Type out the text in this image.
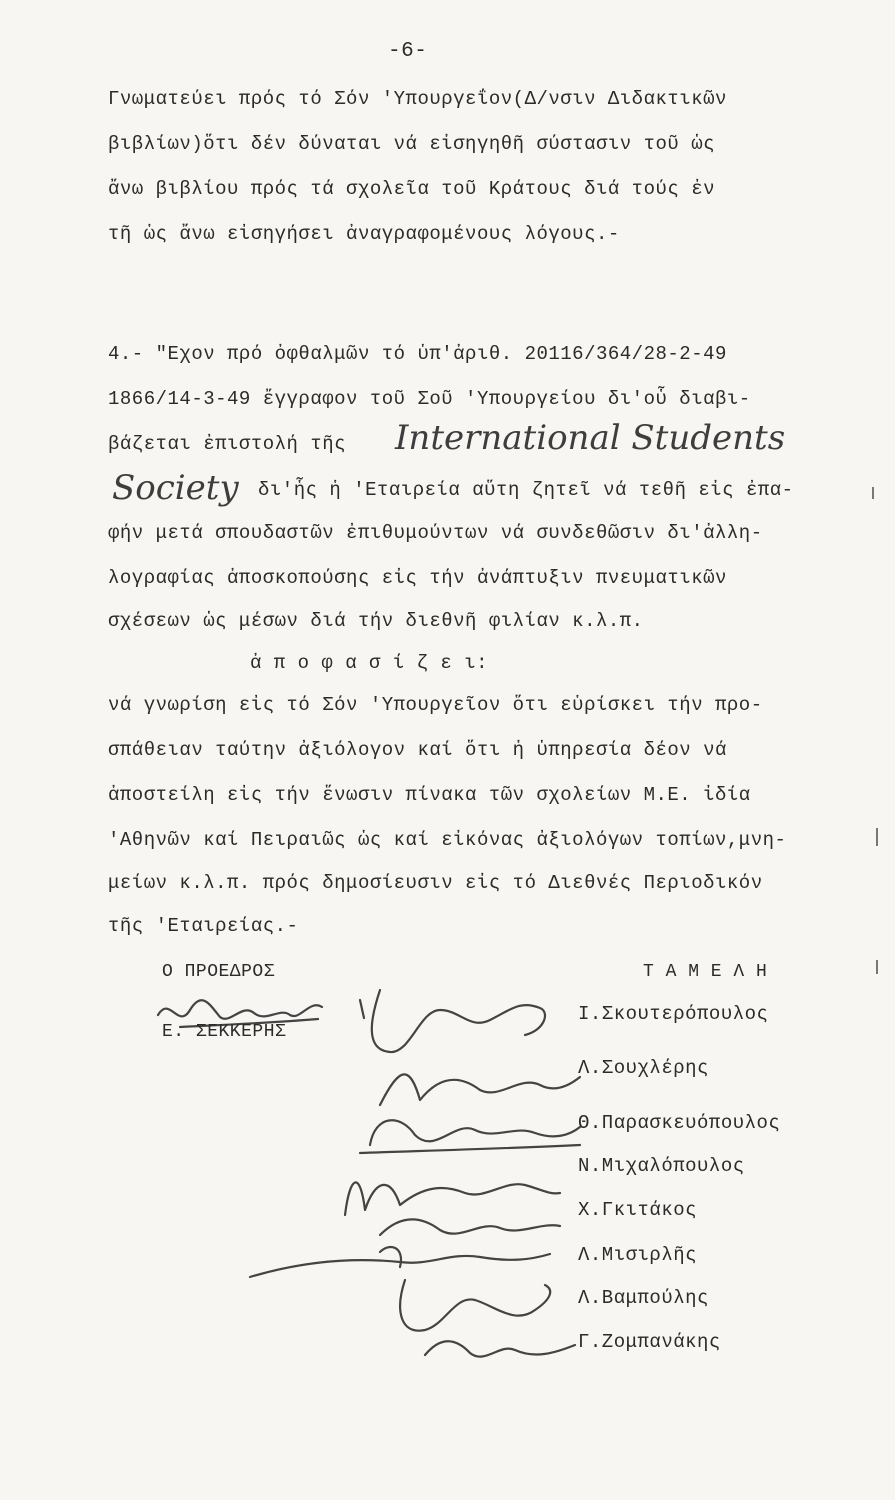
-6-
Γνωματεύει πρός τό Σόν 'Υπουργεΐον(Δ/νσιν Διδακτικῶν
βιβλίων)ὅτι δέν δύναται νά εἰσηγηθῆ σύστασιν τοῦ ὡς
ἄνω βιβλίου πρός τά σχολεῖα τοῦ Κράτους διά τούς ἐν
τῆ ὡς ἄνω εἰσηγήσει ἀναγραφομένους λόγους.-
4.- "Εχον πρό ὀφθαλμῶν τό ὑπ'ἀριθ. 20116/364/28-2-49
1866/14-3-49 ἔγγραφον τοῦ Σοῦ 'Υπουργείου δι'οὗ διαβι-
βάζεται ἐπιστολή τῆς International Students
Society δι'ἧς ἡ 'Εταιρεία αὕτη ζητεῖ νά τεθῆ εἰς ἐπα-
φήν μετά σπουδαστῶν ἐπιθυμούντων νά συνδεθῶσιν δι'ἀλλη-
λογραφίας ἀποσκοπούσης εἰς τήν ἀνάπτυξιν πνευματικῶν
σχέσεων ὡς μέσων διά τήν διεθνῆ φιλίαν κ.λ.π.
ἀ π ο φ α σ ί ζ ε ι:
νά γνωρίση εἰς τό Σόν 'Υπουργεῖον ὅτι εὑρίσκει τήν προ-
σπάθειαν ταύτην ἀξιόλογον καί ὅτι ἡ ὑπηρεσία δέον νά
ἀποστείλη εἰς τήν ἕνωσιν πίνακα τῶν σχολείων Μ.Ε. ἰδία
'Αθηνῶν καί Πειραιῶς ὡς καί εἰκόνας ἀξιολόγων τοπίων,μνη-
μείων κ.λ.π. πρός δημοσίευσιν εἰς τό Διεθνές Περιοδικόν
τῆς 'Εταιρείας.-
Ο ΠΡΟΕΔΡΟΣ
Ε. ΣΕΚΚΕΡΗΣ
Τ Α Μ Ε Λ Η
Ι.Σκουτερόπουλος
Λ.Σουχλέρης
Θ.Παρασκευόπουλος
Ν.Μιχαλόπουλος
Χ.Γκιτάκος
Λ.Μισιρλῆς
Λ.Βαμπούλης
Γ.Ζομπανάκης
